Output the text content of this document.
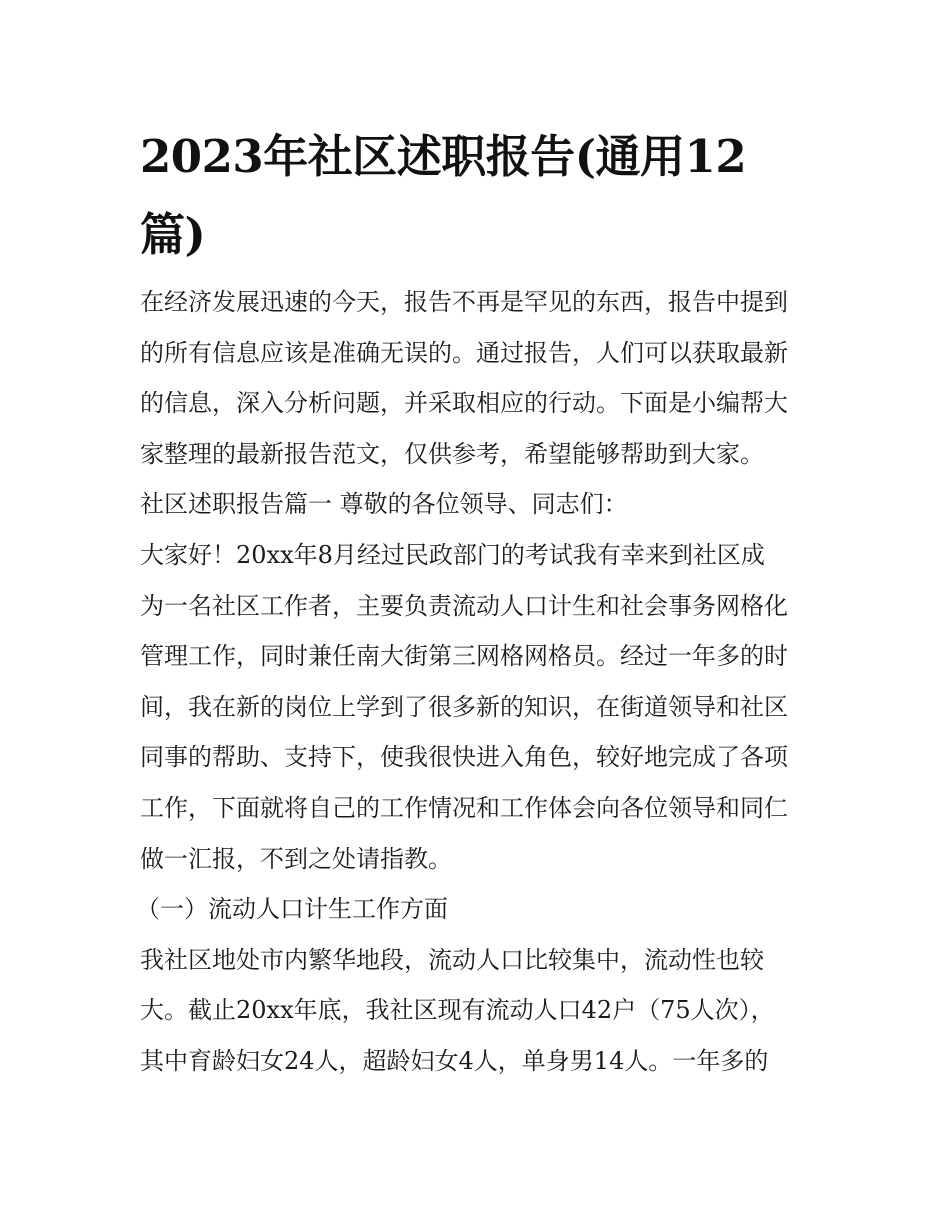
2023年社区述职报告(通用12
篇)
在经济发展迅速的今天，报告不再是罕见的东西，报告中提到
的所有信息应该是准确无误的。通过报告，人们可以获取最新
的信息，深入分析问题，并采取相应的行动。下面是小编帮大
家整理的最新报告范文，仅供参考，希望能够帮助到大家。
社区述职报告篇一 尊敬的各位领导、同志们：
大家好！20xx年8月经过民政部门的考试我有幸来到社区成
为一名社区工作者，主要负责流动人口计生和社会事务网格化
管理工作，同时兼任南大街第三网格网格员。经过一年多的时
间，我在新的岗位上学到了很多新的知识，在街道领导和社区
同事的帮助、支持下，使我很快进入角色，较好地完成了各项
工作，下面就将自己的工作情况和工作体会向各位领导和同仁
做一汇报，不到之处请指教。
（一）流动人口计生工作方面
我社区地处市内繁华地段，流动人口比较集中，流动性也较
大。截止20xx年底，我社区现有流动人口42户（75人次），
其中育龄妇女24人，超龄妇女4人，单身男14人。一年多的
